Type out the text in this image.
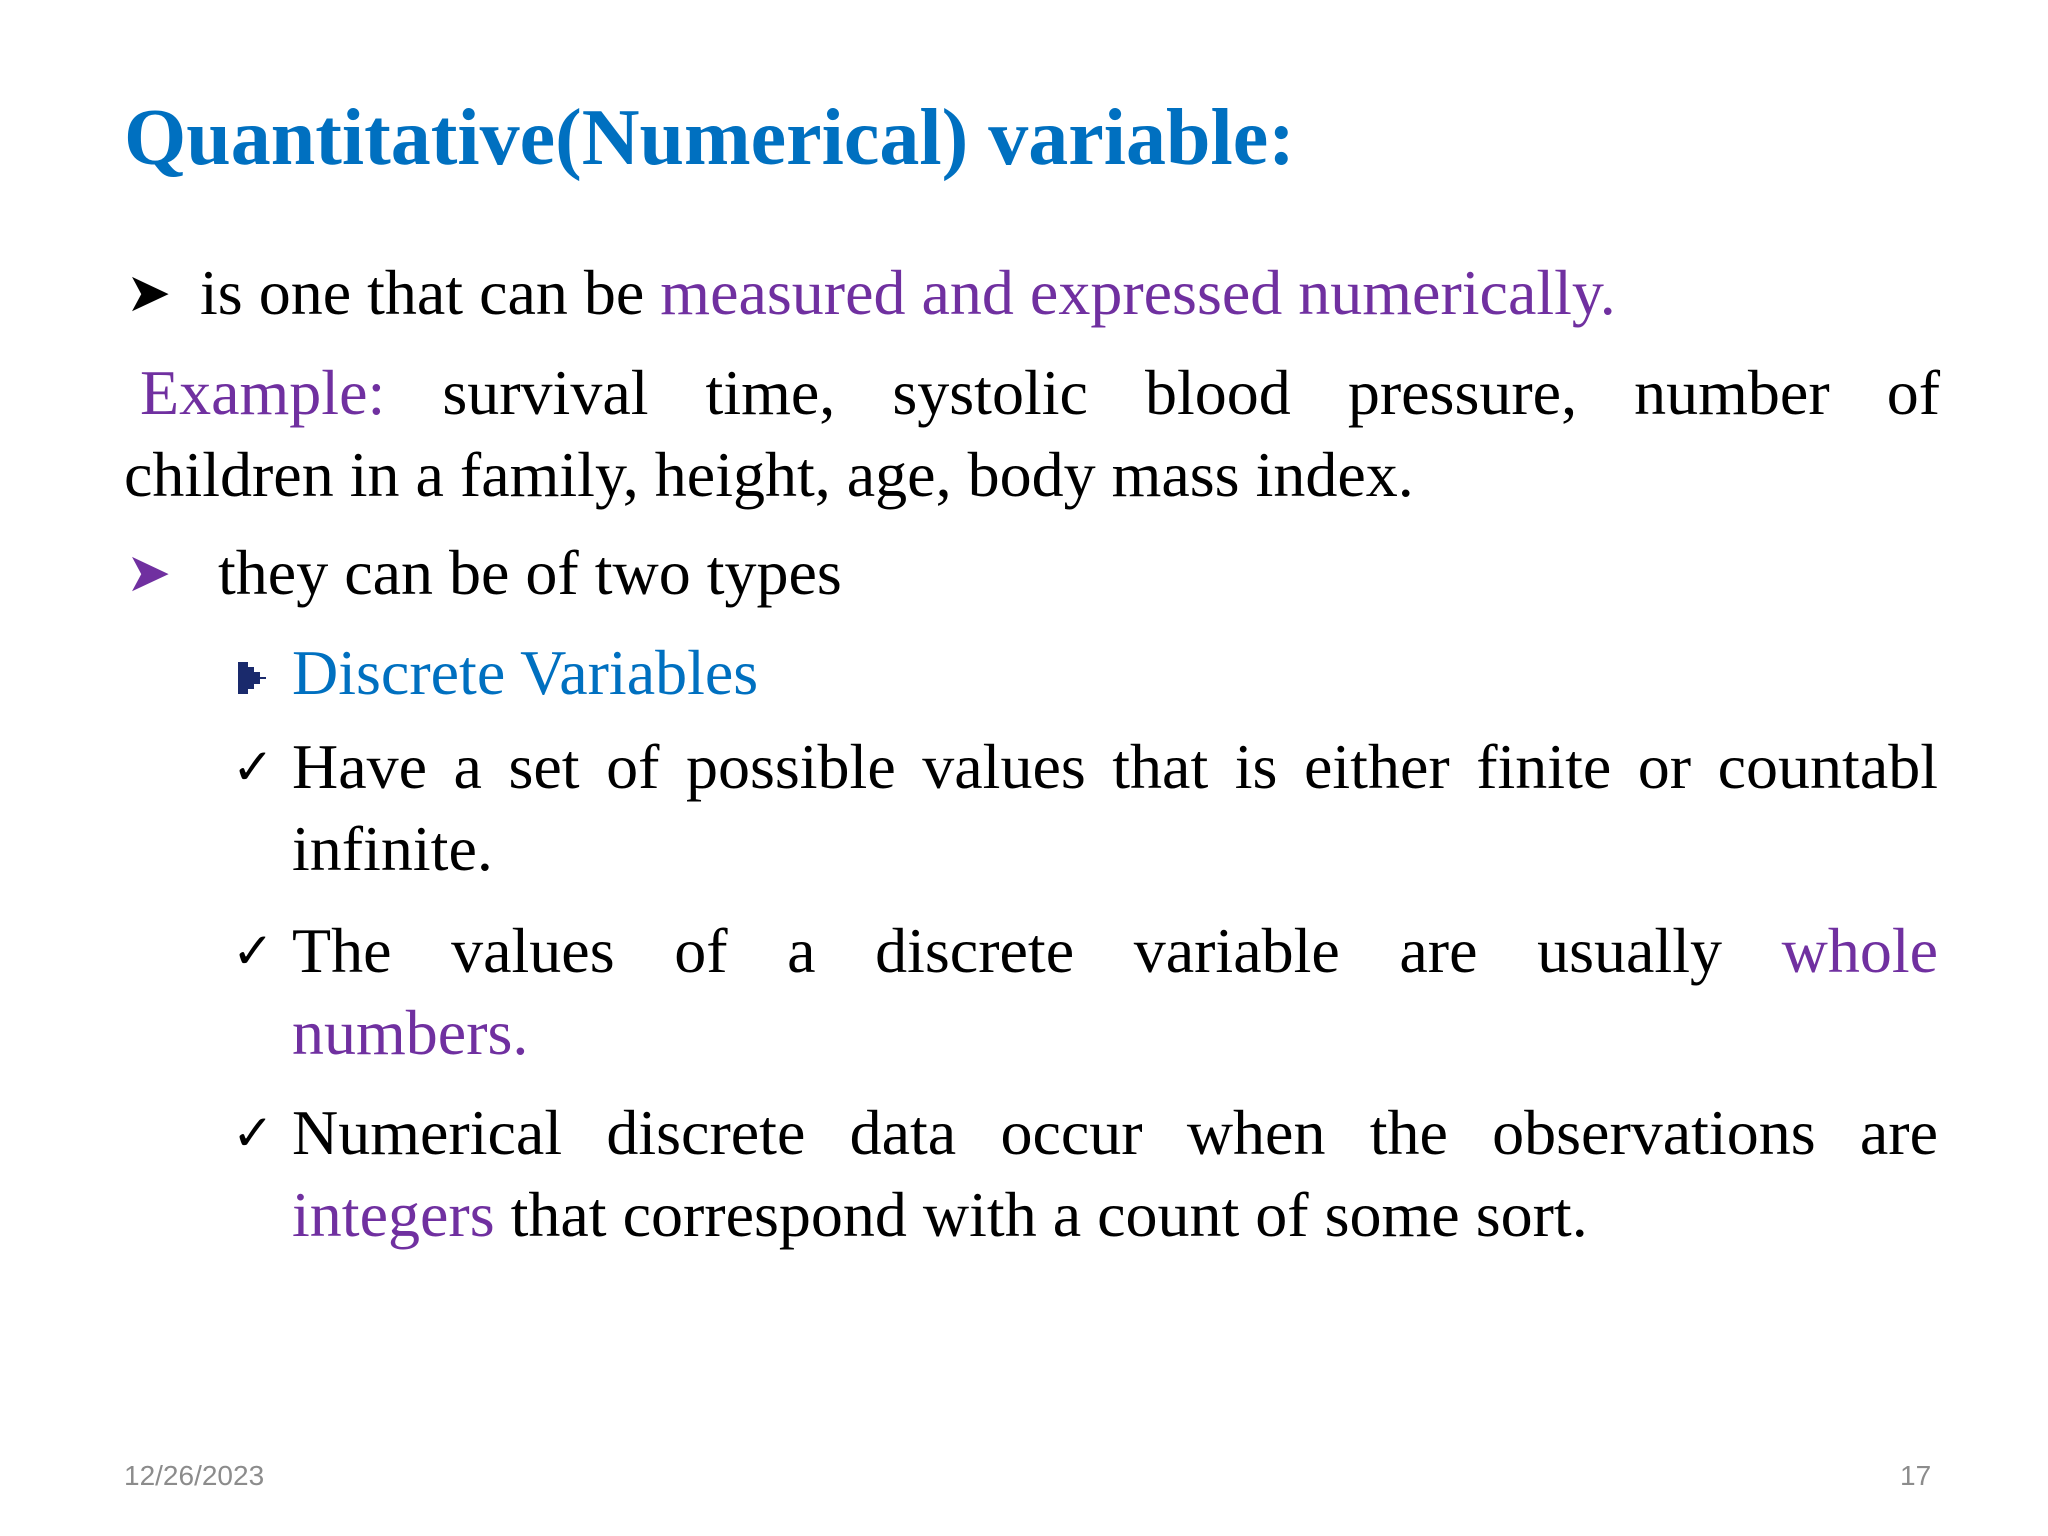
Quantitative(Numerical) variable:
➤ is one that can be measured and expressed numerically.
Example: survival time, systolic blood pressure, number of
children in a family, height, age, body mass index.
➤ they can be of two types
Discrete Variables
✓ Have a set of possible values that is either finite or countabl
infinite.
✓ The values of a discrete variable are usually whole
numbers.
✓ Numerical discrete data occur when the observations are
integers that correspond with a count of some sort.
12/26/2023	17
